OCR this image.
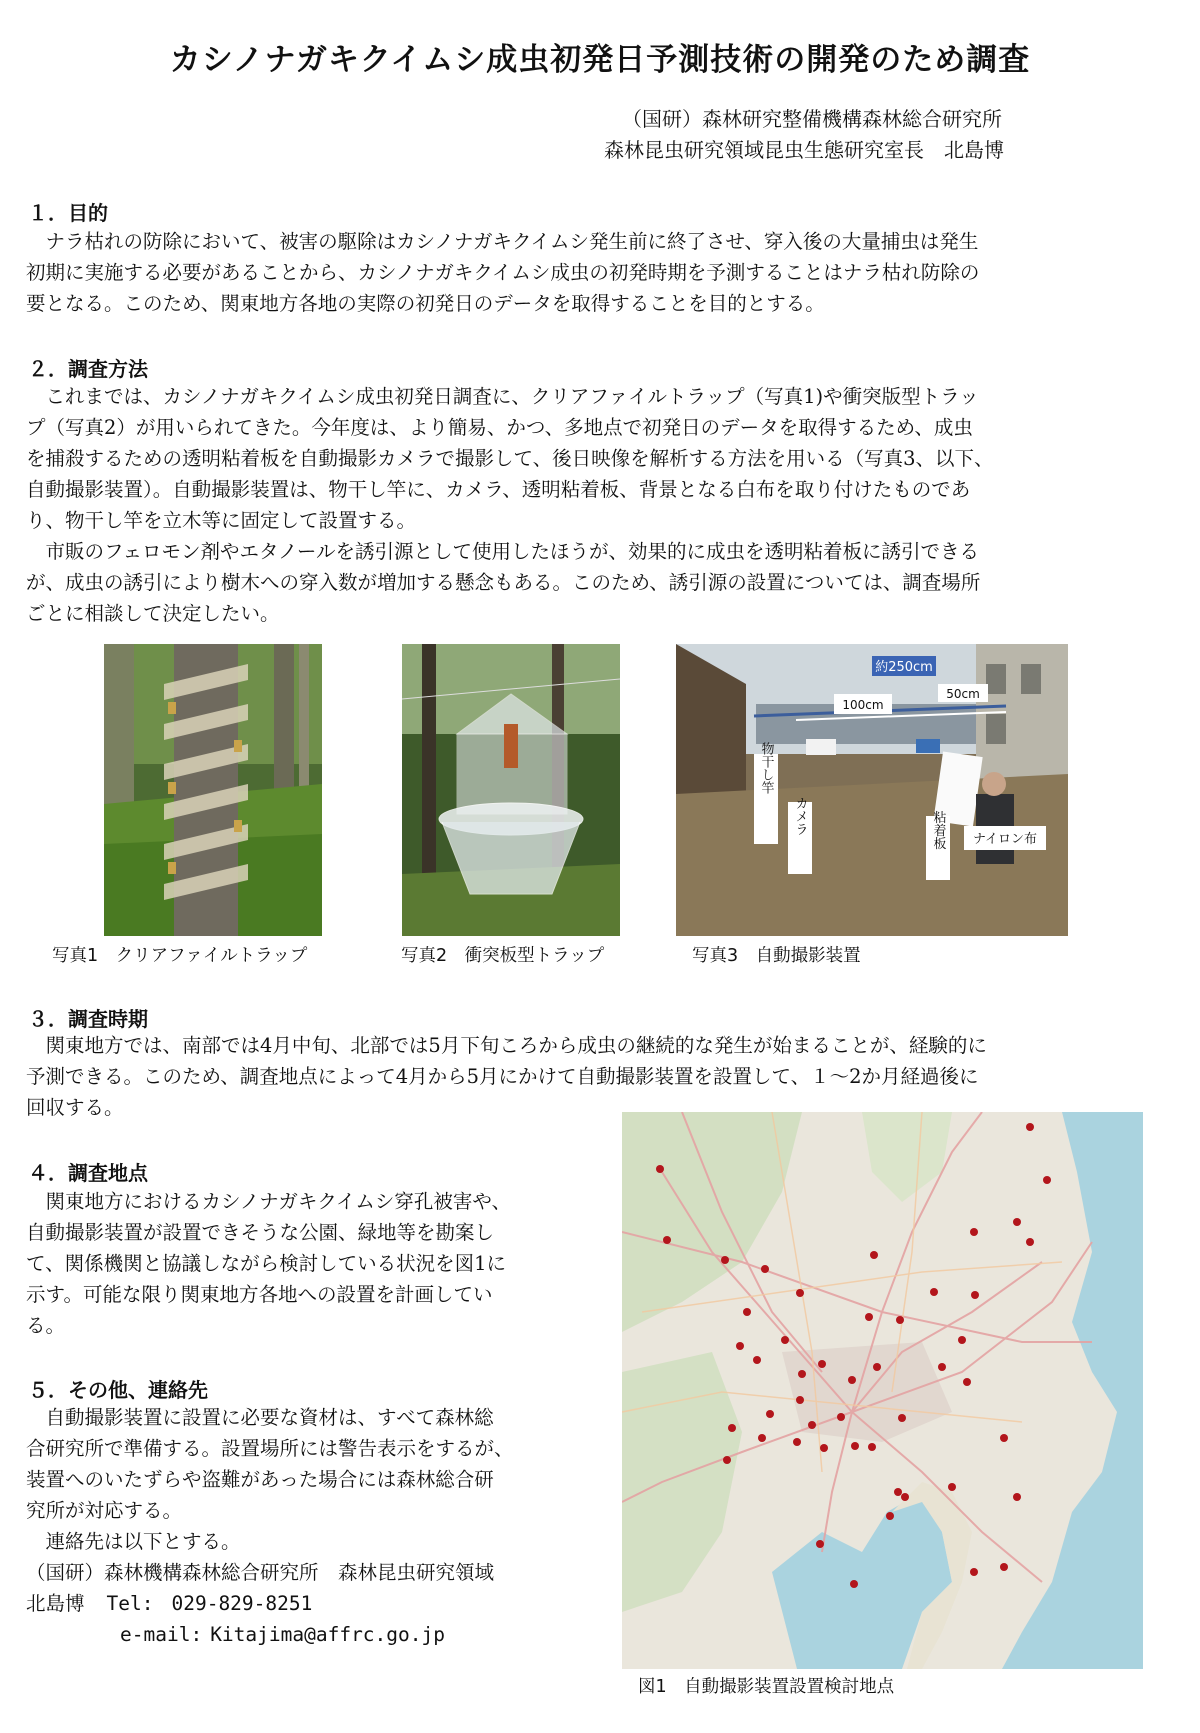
カシノナガキクイムシ成虫初発日予測技術の開発のため調査
（国研）森林研究整備機構森林総合研究所
森林昆虫研究領域昆虫生態研究室長　北島博
１．目的
　ナラ枯れの防除において、被害の駆除はカシノナガキクイムシ発生前に終了させ、穿入後の大量捕虫は発生
初期に実施する必要があることから、カシノナガキクイムシ成虫の初発時期を予測することはナラ枯れ防除の
要となる。このため、関東地方各地の実際の初発日のデータを取得することを目的とする。
２．調査方法
　これまでは、カシノナガキクイムシ成虫初発日調査に、クリアファイルトラップ（写真1)や衝突版型トラッ
プ（写真2）が用いられてきた。今年度は、より簡易、かつ、多地点で初発日のデータを取得するため、成虫
を捕殺するための透明粘着板を自動撮影カメラで撮影して、後日映像を解析する方法を用いる（写真3、以下、
自動撮影装置）。自動撮影装置は、物干し竿に、カメラ、透明粘着板、背景となる白布を取り付けたものであ
り、物干し竿を立木等に固定して設置する。
　市販のフェロモン剤やエタノールを誘引源として使用したほうが、効果的に成虫を透明粘着板に誘引できる
が、成虫の誘引により樹木への穿入数が増加する懸念もある。このため、誘引源の設置については、調査場所
ごとに相談して決定したい。
写真1　クリアファイルトラップ	写真2　衝突板型トラップ
約250cm
100cm
50cm
物干し竿
カメラ	粘着板 ナイロン布
写真3　自動撮影装置
３．調査時期
　関東地方では、南部では4月中旬、北部では5月下旬ころから成虫の継続的な発生が始まることが、経験的に
予測できる。このため、調査地点によって4月から5月にかけて自動撮影装置を設置して、１～2か月経過後に
回収する。
４．調査地点
　関東地方におけるカシノナガキクイムシ穿孔被害や、
自動撮影装置が設置できそうな公園、緑地等を勘案し
て、関係機関と協議しながら検討している状況を図1に
示す。可能な限り関東地方各地への設置を計画してい
る。
５．その他、連絡先
　自動撮影装置に設置に必要な資材は、すべて森林総
合研究所で準備する。設置場所には警告表示をするが、
装置へのいたずらや盗難があった場合には森林総合研
究所が対応する。
　連絡先は以下とする。
（国研）森林機構森林総合研究所　森林昆虫研究領域
北島博 Tel: 029-829-8251
e-mail: Kitajima@affrc.go.jp
図1　自動撮影装置設置検討地点
